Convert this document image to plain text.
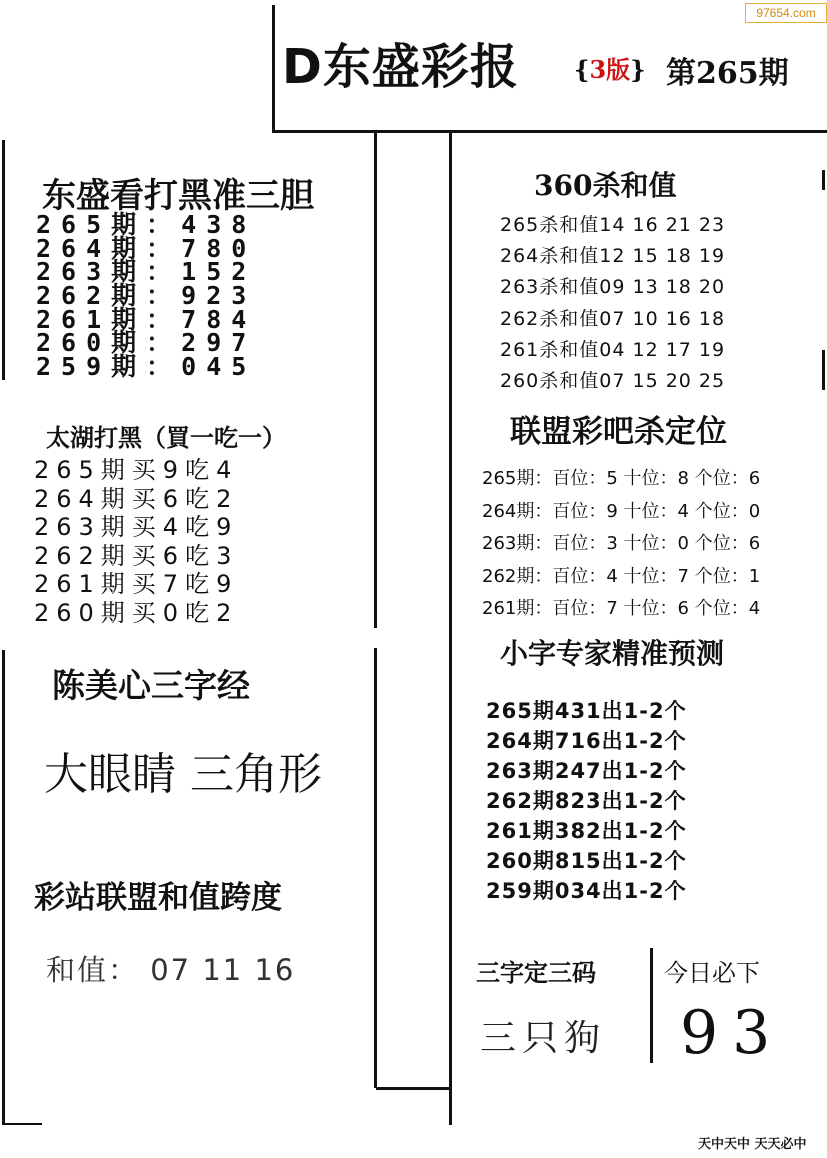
97654.com
D东盛彩报 {3版} 第265期
东盛看打黑准三胆
265期：438
264期：780
263期：152
262期：923
261期：784
260期：297
259期：045
太湖打黑（買一吃一）
265期买9吃4
264期买6吃2
263期买4吃9
262期买6吃3
261期买7吃9
260期买0吃2
陈美心三字经
大眼睛 三角形
彩站联盟和值跨度
和值： 07 11 16
360杀和值
265杀和值14 16 21 23
264杀和值12 15 18 19
263杀和值09 13 18 20
262杀和值07 10 16 18
261杀和值04 12 17 19
260杀和值07 15 20 25
联盟彩吧杀定位
265期：百位：5 十位：8 个位：6
264期：百位：9 十位：4 个位：0
263期：百位：3 十位：0 个位：6
262期：百位：4 十位：7 个位：1
261期：百位：7 十位：6 个位：4
小字专家精准预测
265期431出1-2个
264期716出1-2个
263期247出1-2个
262期823出1-2个
261期382出1-2个
260期815出1-2个
259期034出1-2个
三字定三码
三只狗
今日必下
93
天中天中 天天必中
